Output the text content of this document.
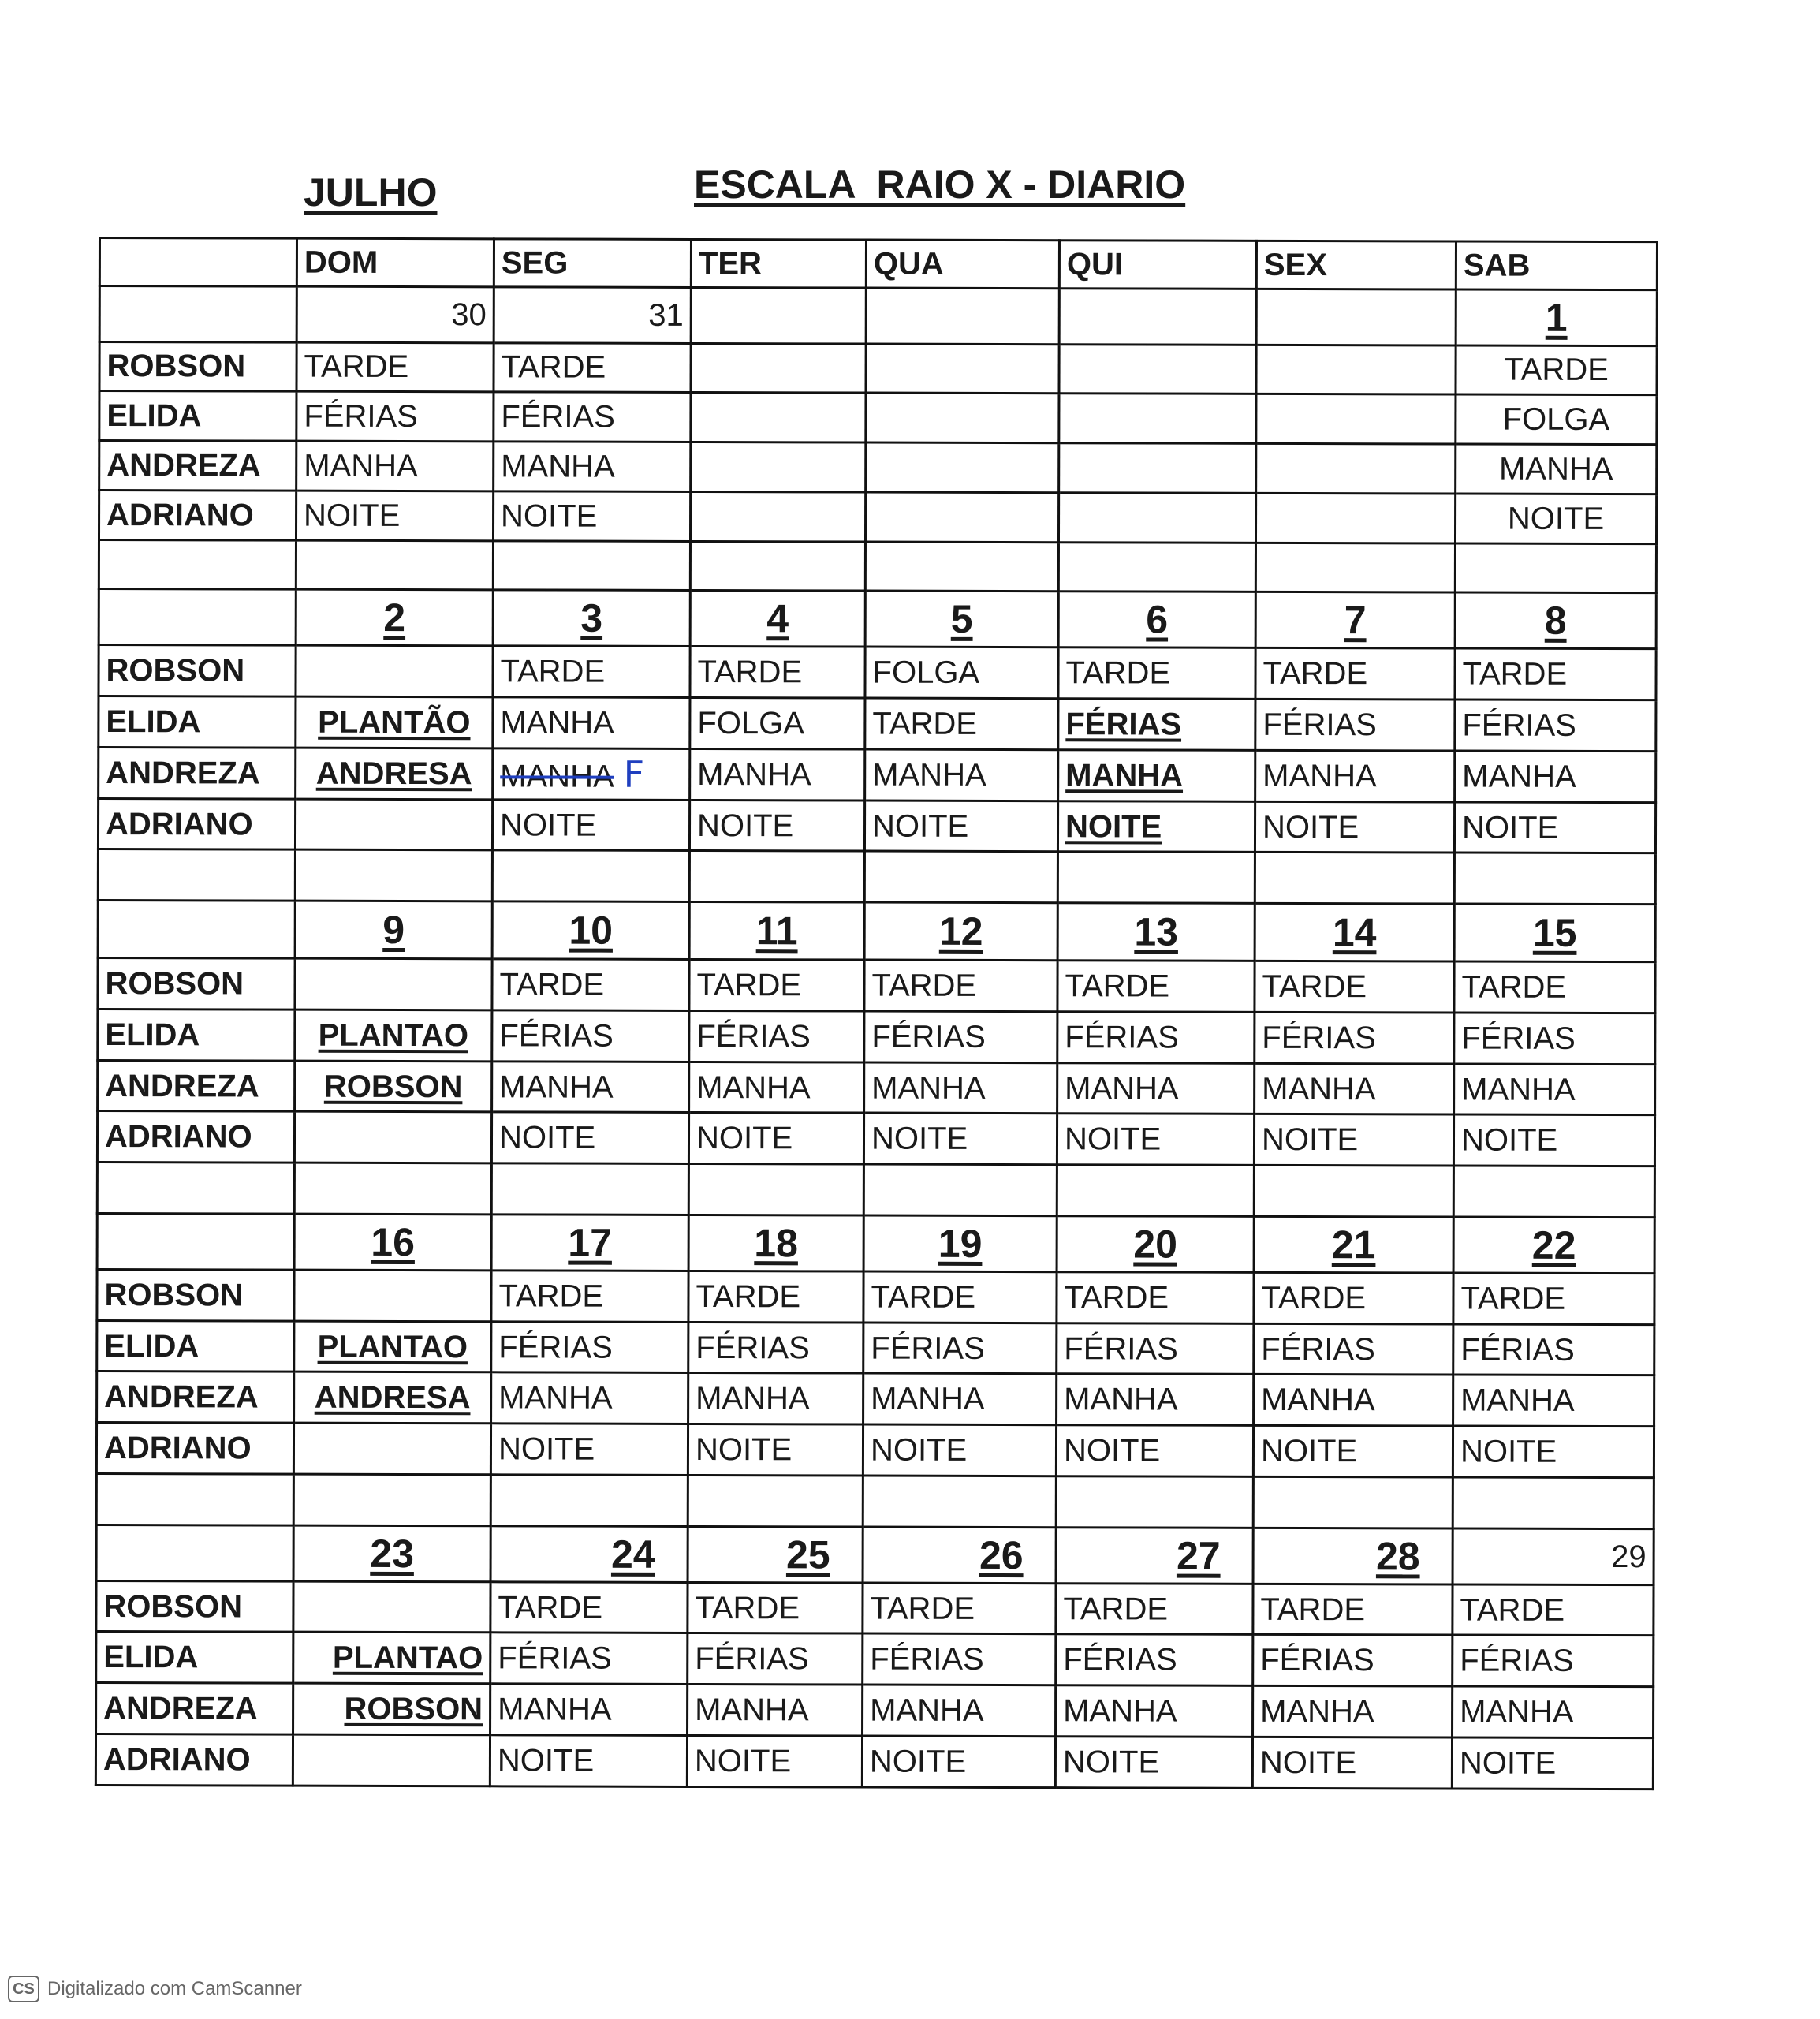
JULHO	ESCALA  RAIO X - DIARIO
	DOM	SEG	TER	QUA	QUI	SEX	SAB
	30	31					1
ROBSON	TARDE	TARDE					TARDE
ELIDA	FÉRIAS	FÉRIAS					FOLGA
ANDREZA	MANHA	MANHA					MANHA
ADRIANO	NOITE	NOITE					NOITE

	2	3	4	5	6	7	8
ROBSON		TARDE	TARDE	FOLGA	TARDE	TARDE	TARDE
ELIDA	PLANTÃO	MANHA	FOLGA	TARDE	FÉRIAS	FÉRIAS	FÉRIAS
ANDREZA	ANDRESA	MANHA F	MANHA	MANHA	MANHA	MANHA	MANHA
ADRIANO		NOITE	NOITE	NOITE	NOITE	NOITE	NOITE

	9	10	11	12	13	14	15
ROBSON		TARDE	TARDE	TARDE	TARDE	TARDE	TARDE
ELIDA	PLANTAO	FÉRIAS	FÉRIAS	FÉRIAS	FÉRIAS	FÉRIAS	FÉRIAS
ANDREZA	ROBSON	MANHA	MANHA	MANHA	MANHA	MANHA	MANHA
ADRIANO		NOITE	NOITE	NOITE	NOITE	NOITE	NOITE

	16	17	18	19	20	21	22
ROBSON		TARDE	TARDE	TARDE	TARDE	TARDE	TARDE
ELIDA	PLANTAO	FÉRIAS	FÉRIAS	FÉRIAS	FÉRIAS	FÉRIAS	FÉRIAS
ANDREZA	ANDRESA	MANHA	MANHA	MANHA	MANHA	MANHA	MANHA
ADRIANO		NOITE	NOITE	NOITE	NOITE	NOITE	NOITE

	23	24	25	26	27	28	29
ROBSON		TARDE	TARDE	TARDE	TARDE	TARDE	TARDE
ELIDA	PLANTAO	FÉRIAS	FÉRIAS	FÉRIAS	FÉRIAS	FÉRIAS	FÉRIAS
ANDREZA	ROBSON	MANHA	MANHA	MANHA	MANHA	MANHA	MANHA
ADRIANO		NOITE	NOITE	NOITE	NOITE	NOITE	NOITE
CS Digitalizado com CamScanner
